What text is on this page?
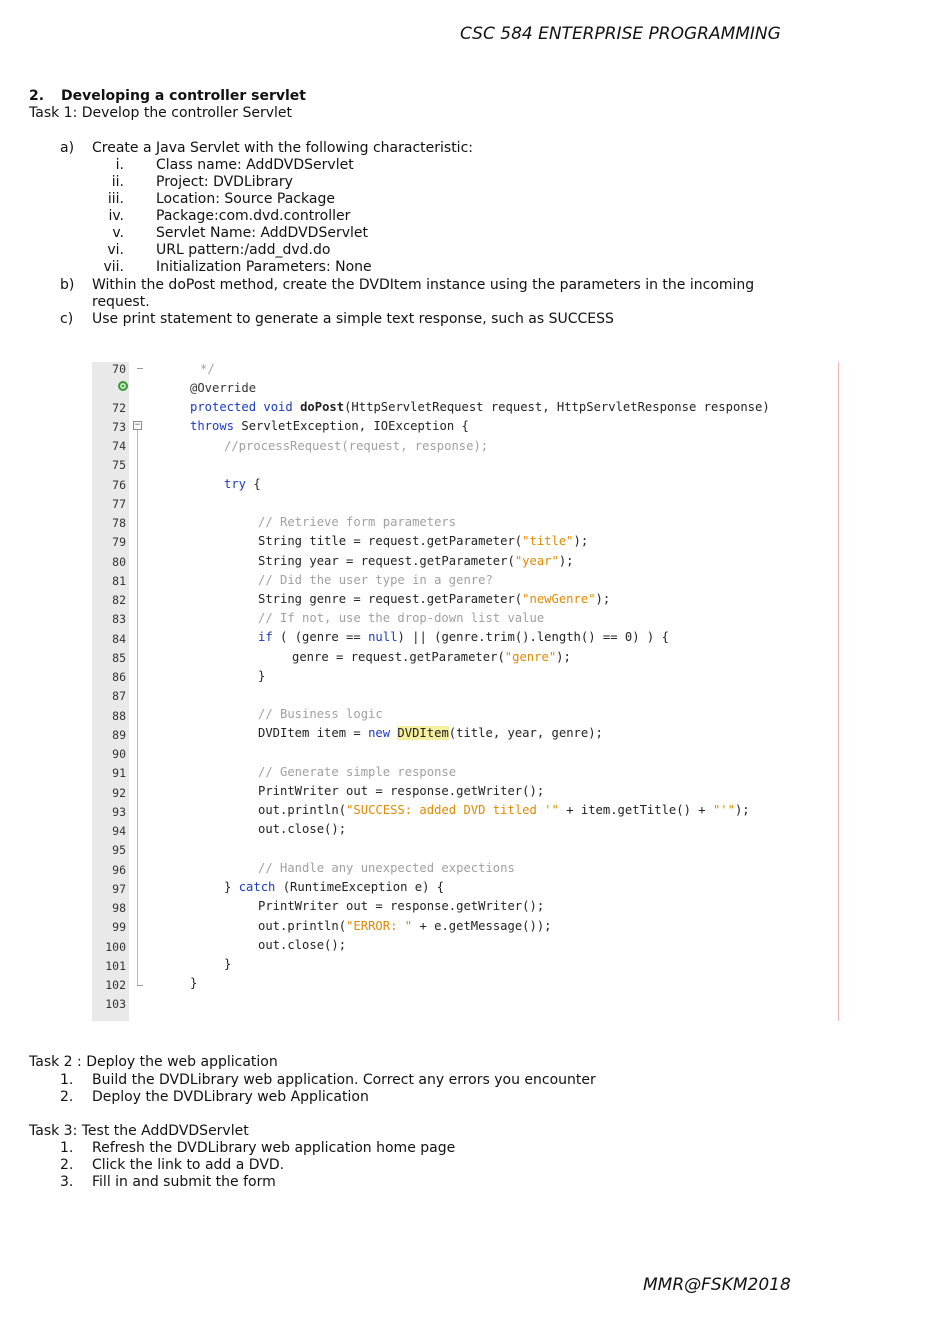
CSC 584 ENTERPRISE PROGRAMMING
2. Developing a controller servlet
Task 1: Develop the controller Servlet
a) Create a Java Servlet with the following characteristic:
i. Class name: AddDVDServlet
ii. Project: DVDLibrary
iii. Location: Source Package
iv. Package:com.dvd.controller
v. Servlet Name: AddDVDServlet
vi. URL pattern:/add_dvd.do
vii. Initialization Parameters: None
b) Within the doPost method, create the DVDItem instance using the parameters in the incoming
request.
c) Use print statement to generate a simple text response, such as SUCCESS
−
70
72
73
74
75
76
77
78
79
80
81
82
83
84
85
86
87
88
89
90
91
92
93
94
95
96
97
98
99
100
101
102
103
*/
@Override
protected void doPost(HttpServletRequest request, HttpServletResponse response)
throws ServletException, IOException {
//processRequest(request, response);
try {
// Retrieve form parameters
String title = request.getParameter("title");
String year = request.getParameter("year");
// Did the user type in a genre?
String genre = request.getParameter("newGenre");
// If not, use the drop-down list value
if ( (genre == null) || (genre.trim().length() == 0) ) {
genre = request.getParameter("genre");
}
// Business logic
DVDItem item = new DVDItem(title, year, genre);
// Generate simple response
PrintWriter out = response.getWriter();
out.println("SUCCESS: added DVD titled '" + item.getTitle() + "'");
out.close();
// Handle any unexpected expections
} catch (RuntimeException e) {
PrintWriter out = response.getWriter();
out.println("ERROR: " + e.getMessage());
out.close();
}
}
Task 2 : Deploy the web application
1. Build the DVDLibrary web application. Correct any errors you encounter
2. Deploy the DVDLibrary web Application
Task 3: Test the AddDVDServlet
1. Refresh the DVDLibrary web application home page
2. Click the link to add a DVD.
3. Fill in and submit the form
MMR@FSKM2018
